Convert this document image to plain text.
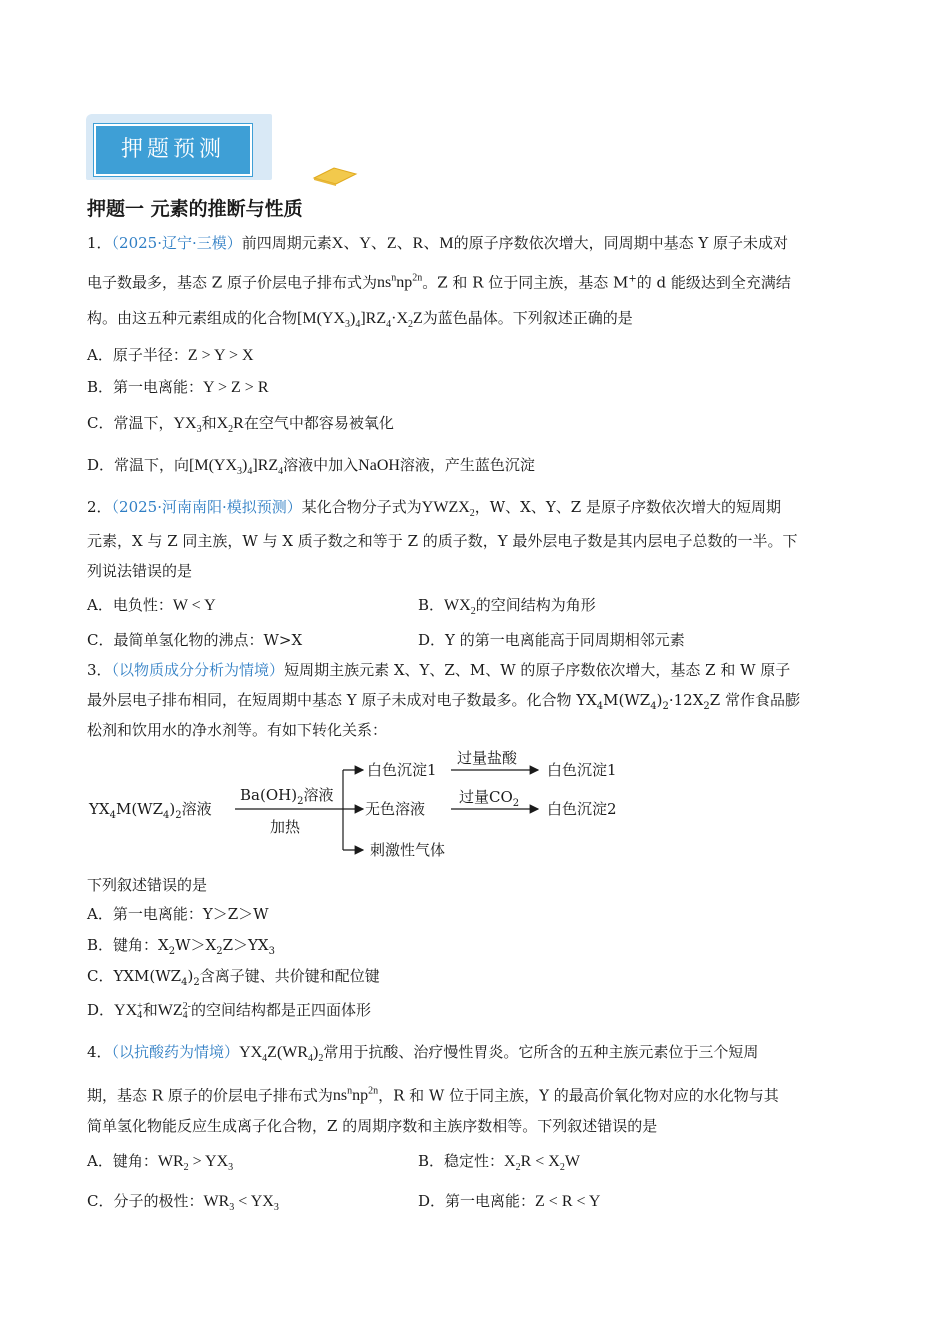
押题预测
押题一 元素的推断与性质
1．（2025·辽宁·三模）前四周期元素X、Y、Z、R、M的原子序数依次增大，同周期中基态 Y 原子未成对
电子数最多，基态 Z 原子价层电子排布式为$ns^nnp^{2n}$。Z 和 R 位于同主族，基态 M+的 d 能级达到全充满结
构。由这五种元素组成的化合物$[M(YX_3)_4]RZ_4\cdot X_2Z$为蓝色晶体。下列叙述正确的是
A．原子半径：Z > Y > X
B．第一电离能：Y > Z > R
C．常温下，$YX_3$和$X_2R$在空气中都容易被氧化
D．常温下，向$[M(YX_3)_4]RZ_4$溶液中加入NaOH溶液，产生蓝色沉淀
2．（2025·河南南阳·模拟预测）某化合物分子式为$YWZX_2$，W、X、Y、Z 是原子序数依次增大的短周期
元素，X 与 Z 同主族，W 与 X 质子数之和等于 Z 的质子数，Y 最外层电子数是其内层电子总数的一半。下
列说法错误的是
A．电负性：W < Y	B．$WX_2$的空间结构为角形
C．最简单氢化物的沸点：W>X	D．Y 的第一电离能高于同周期相邻元素
3．（以物质成分分析为情境）短周期主族元素 X、Y、Z、M、W 的原子序数依次增大，基态 Z 和 W 原子
最外层电子排布相同，在短周期中基态 Y 原子未成对电子数最多。化合物 $YX_4M(WZ_4)_2\cdot 12X_2Z$ 常作食品膨
松剂和饮用水的净水剂等。有如下转化关系：
$YX_4M(WZ_4)_2$溶液
$Ba(OH)_2$溶液
加热
白色沉淀1
无色溶液
刺激性气体
过量盐酸
过量$CO_2$
白色沉淀1
白色沉淀2
下列叙述错误的是
A．第一电离能：Y＞Z＞W
B．键角：$X_2W>X_2Z>YX_3$
C．$YXM(WZ_4)_2$含离子键、共价键和配位键
D．YX +
4 和WZ 2-
4 的空间结构都是正四面体形
4．（以抗酸药为情境）$YX_4Z(WR_4)_2$常用于抗酸、治疗慢性胃炎。它所含的五种主族元素位于三个短周
期，基态 R 原子的价层电子排布式为$ns^nnp^{2n}$，R 和 W 位于同主族，Y 的最高价氧化物对应的水化物与其
简单氢化物能反应生成离子化合物，Z 的周期序数和主族序数相等。下列叙述错误的是
A．键角：$WR_2 > YX_3$	B．稳定性：$X_2R < X_2W$
C．分子的极性：$WR_3 < YX_3$	D．第一电离能：Z < R < Y
